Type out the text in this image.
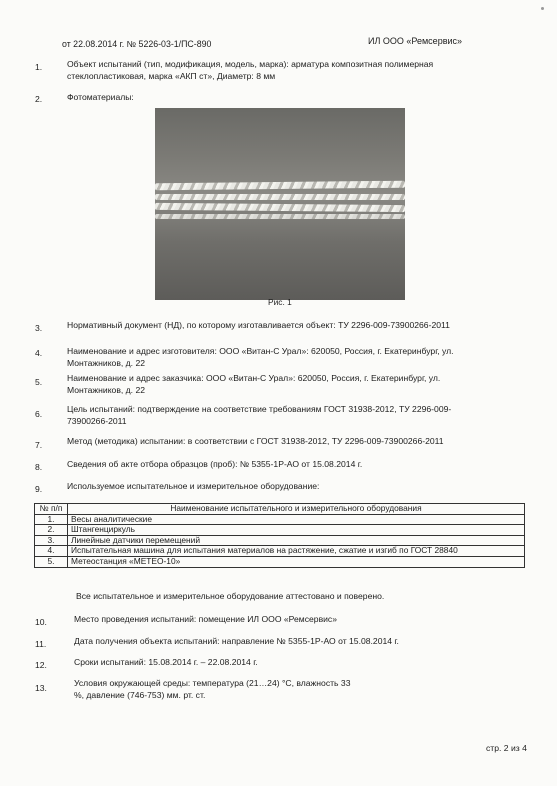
от 22.08.2014 г. № 5226-03-1/ПС-890	ИЛ ООО «Ремсервис»
1.	Объект испытаний (тип, модификация, модель, марка): арматура композитная полимерная стеклопластиковая, марка «АКП ст», Диаметр: 8 мм
2.	Фотоматериалы:
Рис. 1
3.	Нормативный документ (НД), по которому изготавливается объект: ТУ 2296-009-73900266-2011
4.	Наименование и адрес изготовителя: ООО «Витан-С Урал»: 620050, Россия, г. Екатеринбург, ул. Монтажников, д. 22
5.	Наименование и адрес заказчика: ООО «Витан-С Урал»: 620050, Россия, г. Екатеринбург, ул. Монтажников, д. 22
6.	Цель испытаний: подтверждение на соответствие требованиям ГОСТ 31938-2012, ТУ 2296-009-73900266-2011
7.	Метод (методика) испытании: в соответствии с ГОСТ 31938-2012, ТУ 2296-009-73900266-2011
8.	Сведения об акте отбора образцов (проб): № 5355-1Р-АО от 15.08.2014 г.
9.	Используемое испытательное и измерительное оборудование:
№ п/п	Наименование испытательного и измерительного оборудования
1.	Весы аналитические
2.	Штангенциркуль
3.	Линейные датчики перемещений
4.	Испытательная машина для испытания материалов на растяжение, сжатие и изгиб по ГОСТ 28840
5.	Метеостанция «МЕТЕО-10»
Все испытательное и измерительное оборудование аттестовано и поверено.
10.	Место проведения испытаний: помещение ИЛ ООО «Ремсервис»
11.	Дата получения объекта испытаний: направление № 5355-1Р-АО от 15.08.2014 г.
12.	Сроки испытаний: 15.08.2014 г. – 22.08.2014 г.
13.	Условия окружающей среды: температура (21…24) °С, влажность 33 %, давление (746-753) мм. рт. ст.
стр. 2 из 4
